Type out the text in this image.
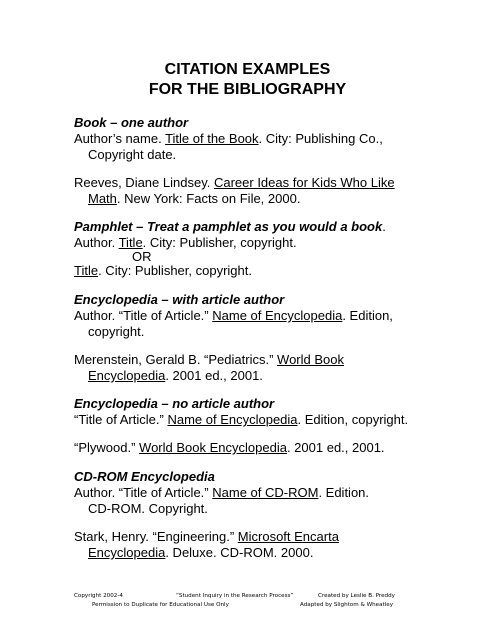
CITATION EXAMPLES
FOR THE BIBLIOGRAPHY
Book – one author
Author’s name. Title of the Book. City: Publishing Co.,
Copyright date.
Reeves, Diane Lindsey. Career Ideas for Kids Who Like
Math. New York: Facts on File, 2000.
Pamphlet – Treat a pamphlet as you would a book.
Author. Title. City: Publisher, copyright.
OR
Title. City: Publisher, copyright.
Encyclopedia – with article author
Author. “Title of Article.” Name of Encyclopedia. Edition,
copyright.
Merenstein, Gerald B. “Pediatrics.” World Book
Encyclopedia. 2001 ed., 2001.
Encyclopedia – no article author
“Title of Article.” Name of Encyclopedia. Edition, copyright.
“Plywood.” World Book Encyclopedia. 2001 ed., 2001.
CD-ROM Encyclopedia
Author. “Title of Article.” Name of CD-ROM. Edition.
CD-ROM. Copyright.
Stark, Henry. “Engineering.” Microsoft Encarta
Encyclopedia. Deluxe. CD-ROM. 2000.
Copyright 2002-4	“Student Inquiry in the Research Process”	Created by Leslie B. Preddy
Permission to Duplicate for Educational Use Only	Adapted by Slightom & Wheatley
